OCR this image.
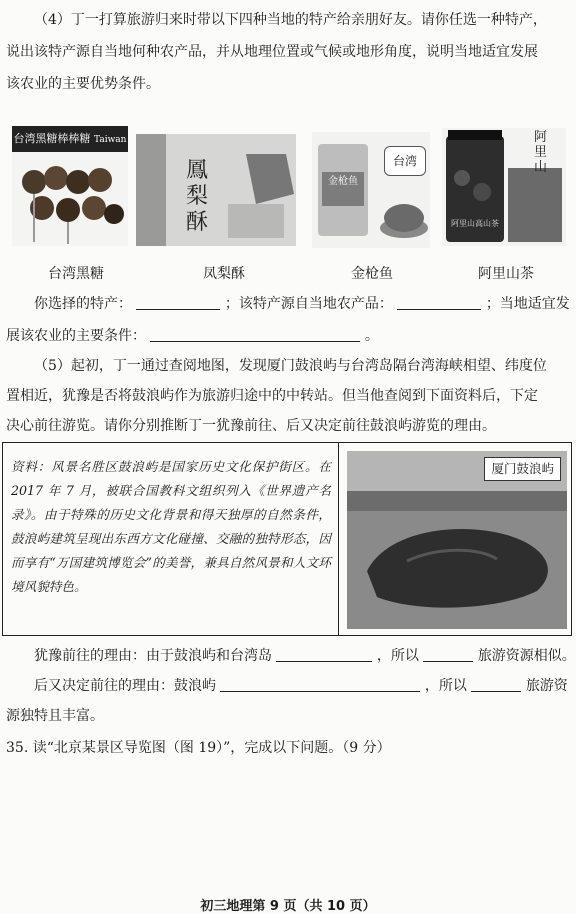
（4）丁一打算旅游归来时带以下四种当地的特产给亲朋好友。请你任选一种特产，
说出该特产源自当地何种农产品，并从地理位置或气候或地形角度，说明当地适宜发展
该农业的主要优势条件。
台湾黑糖棒棒糖 Taiwan
鳳梨酥
金枪鱼
台湾
阿里山
阿里山高山茶
台湾黑糖	凤梨酥	金枪鱼	阿里山茶
你选择的特产：	；该特产源自当地农产品：	；当地适宜发
展该农业的主要条件：	。
（5）起初，丁一通过查阅地图，发现厦门鼓浪屿与台湾岛隔台湾海峡相望、纬度位
置相近，犹豫是否将鼓浪屿作为旅游归途中的中转站。但当他查阅到下面资料后，下定
决心前往游览。请你分别推断丁一犹豫前往、后又决定前往鼓浪屿游览的理由。
资料：风景名胜区鼓浪屿是国家历史文化保护街区。在 2017 年 7 月，被联合国教科文组织列入《世界遗产名录》。由于特殊的历史文化背景和得天独厚的自然条件，鼓浪屿建筑呈现出东西方文化碰撞、交融的独特形态，因而享有“万国建筑博览会”的美誉，兼具自然风景和人文环境风貌特色。
厦门鼓浪屿
犹豫前往的理由：由于鼓浪屿和台湾岛	，所以	旅游资源相似。
后又决定前往的理由：鼓浪屿	，所以	旅游资
源独特且丰富。
35. 读“北京某景区导览图（图 19）”，完成以下问题。（9 分）
初三地理第 9 页（共 10 页）
